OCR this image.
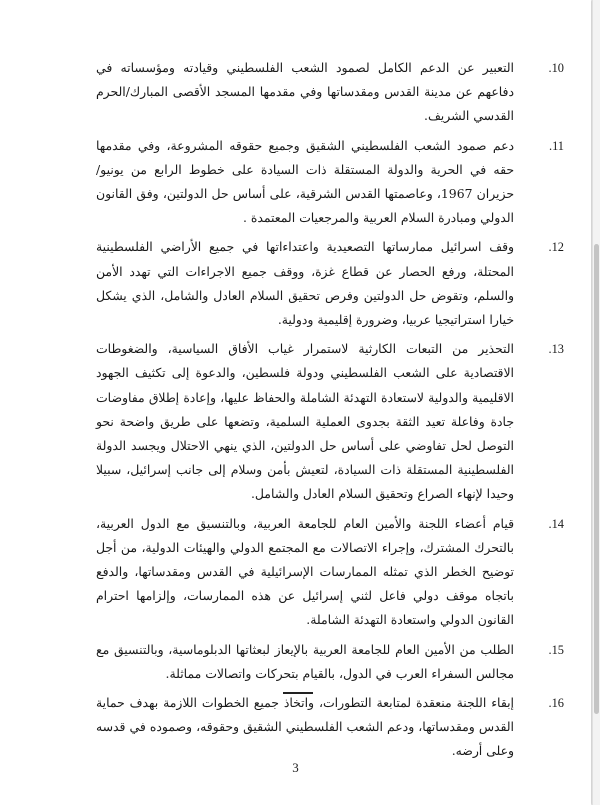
.10
التعبير عن الدعم الكامل لصمود الشعب الفلسطيني وقيادته ومؤسساته في دفاعهم عن مدينة القدس ومقدساتها وفي مقدمها المسجد الأقصى المبارك/الحرم القدسي الشريف.
.11
دعم صمود الشعب الفلسطيني الشقيق وجميع حقوقه المشروعة، وفي مقدمها حقه في الحرية والدولة المستقلة ذات السيادة على خطوط الرابع من يونيو/ حزيران 1967، وعاصمتها القدس الشرقية، على أساس حل الدولتين، وفق القانون الدولي ومبادرة السلام العربية والمرجعيات المعتمدة .
.12
وقف اسرائيل ممارساتها التصعيدية واعتداءاتها في جميع الأراضي الفلسطينية المحتلة، ورفع الحصار عن قطاع غزة، ووقف جميع الاجراءات التي تهدد الأمن والسلم، وتقوض حل الدولتين وفرص تحقيق السلام العادل والشامل، الذي يشكل خيارا استراتيجيا عربيا، وضرورة إقليمية ودولية.
.13
التحذير من التبعات الكارثية لاستمرار غياب الأفاق السياسية، والضغوطات الاقتصادية على الشعب الفلسطيني ودولة فلسطين، والدعوة إلى تكثيف الجهود الاقليمية والدولية لاستعادة التهدئة الشاملة والحفاظ عليها، وإعادة إطلاق مفاوضات جادة وفاعلة تعيد الثقة بجدوى العملية السلمية، وتضعها على طريق واضحة نحو التوصل لحل تفاوضي على أساس حل الدولتين، الذي ينهي الاحتلال ويجسد الدولة الفلسطينية المستقلة ذات السيادة، لتعيش بأمن وسلام إلى جانب إسرائيل، سبيلا وحيدا لإنهاء الصراع وتحقيق السلام العادل والشامل.
.14
قيام أعضاء اللجنة والأمين العام للجامعة العربية، وبالتنسيق مع الدول العربية، بالتحرك المشترك، وإجراء الاتصالات مع المجتمع الدولي والهيئات الدولية، من أجل توضيح الخطر الذي تمثله الممارسات الإسرائيلية في القدس ومقدساتها، والدفع باتجاه موقف دولي فاعل لثني إسرائيل عن هذه الممارسات، وإلزامها احترام القانون الدولي واستعادة التهدئة الشاملة.
.15
الطلب من الأمين العام للجامعة العربية بالإيعاز لبعثاتها الدبلوماسية، وبالتنسيق مع مجالس السفراء العرب في الدول، بالقيام بتحركات واتصالات مماثلة.
.16
إبقاء اللجنة منعقدة لمتابعة التطورات، واتخاذ جميع الخطوات اللازمة بهدف حماية القدس ومقدساتها، ودعم الشعب الفلسطيني الشقيق وحقوقه، وصموده في قدسه وعلى أرضه.
3
